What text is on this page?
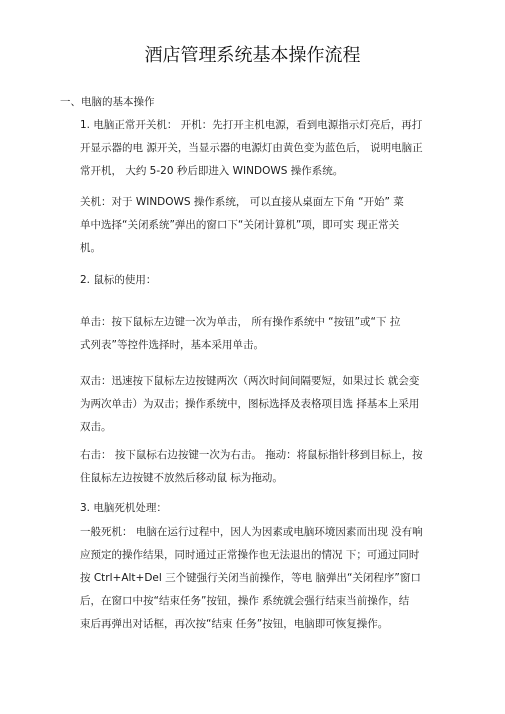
酒店管理系统基本操作流程
一、电脑的基本操作
1. 电脑正常开关机： 开机：先打开主机电源，看到电源指示灯亮后，再打
开显示器的电 源开关，当显示器的电源灯由黄色变为蓝色后， 说明电脑正
常开机， 大约 5-20 秒后即进入 WINDOWS 操作系统。
关机：对于 WINDOWS 操作系统， 可以直接从桌面左下角 “开始” 菜
单中选择“关闭系统”弹出的窗口下“关闭计算机”项，即可实 现正常关
机。
2. 鼠标的使用：
单击：按下鼠标左边键一次为单击， 所有操作系统中 “按钮”或“下 拉
式列表”等控件选择时，基本采用单击。
双击：迅速按下鼠标左边按键两次（两次时间间隔要短，如果过长 就会变
为两次单击）为双击；操作系统中，图标选择及表格项目选 择基本上采用
双击。
右击： 按下鼠标右边按键一次为右击。 拖动：将鼠标指针移到目标上，按
住鼠标左边按键不放然后移动鼠 标为拖动。
3. 电脑死机处理：
一般死机： 电脑在运行过程中，因人为因素或电脑环境因素而出现 没有响
应预定的操作结果，同时通过正常操作也无法退出的情况 下；可通过同时
按 Ctrl+Alt+Del 三个键强行关闭当前操作，等电 脑弹出“关闭程序”窗口
后，在窗口中按“结束任务”按钮，操作 系统就会强行结束当前操作，结
束后再弹出对话框，再次按“结束 任务”按钮，电脑即可恢复操作。
